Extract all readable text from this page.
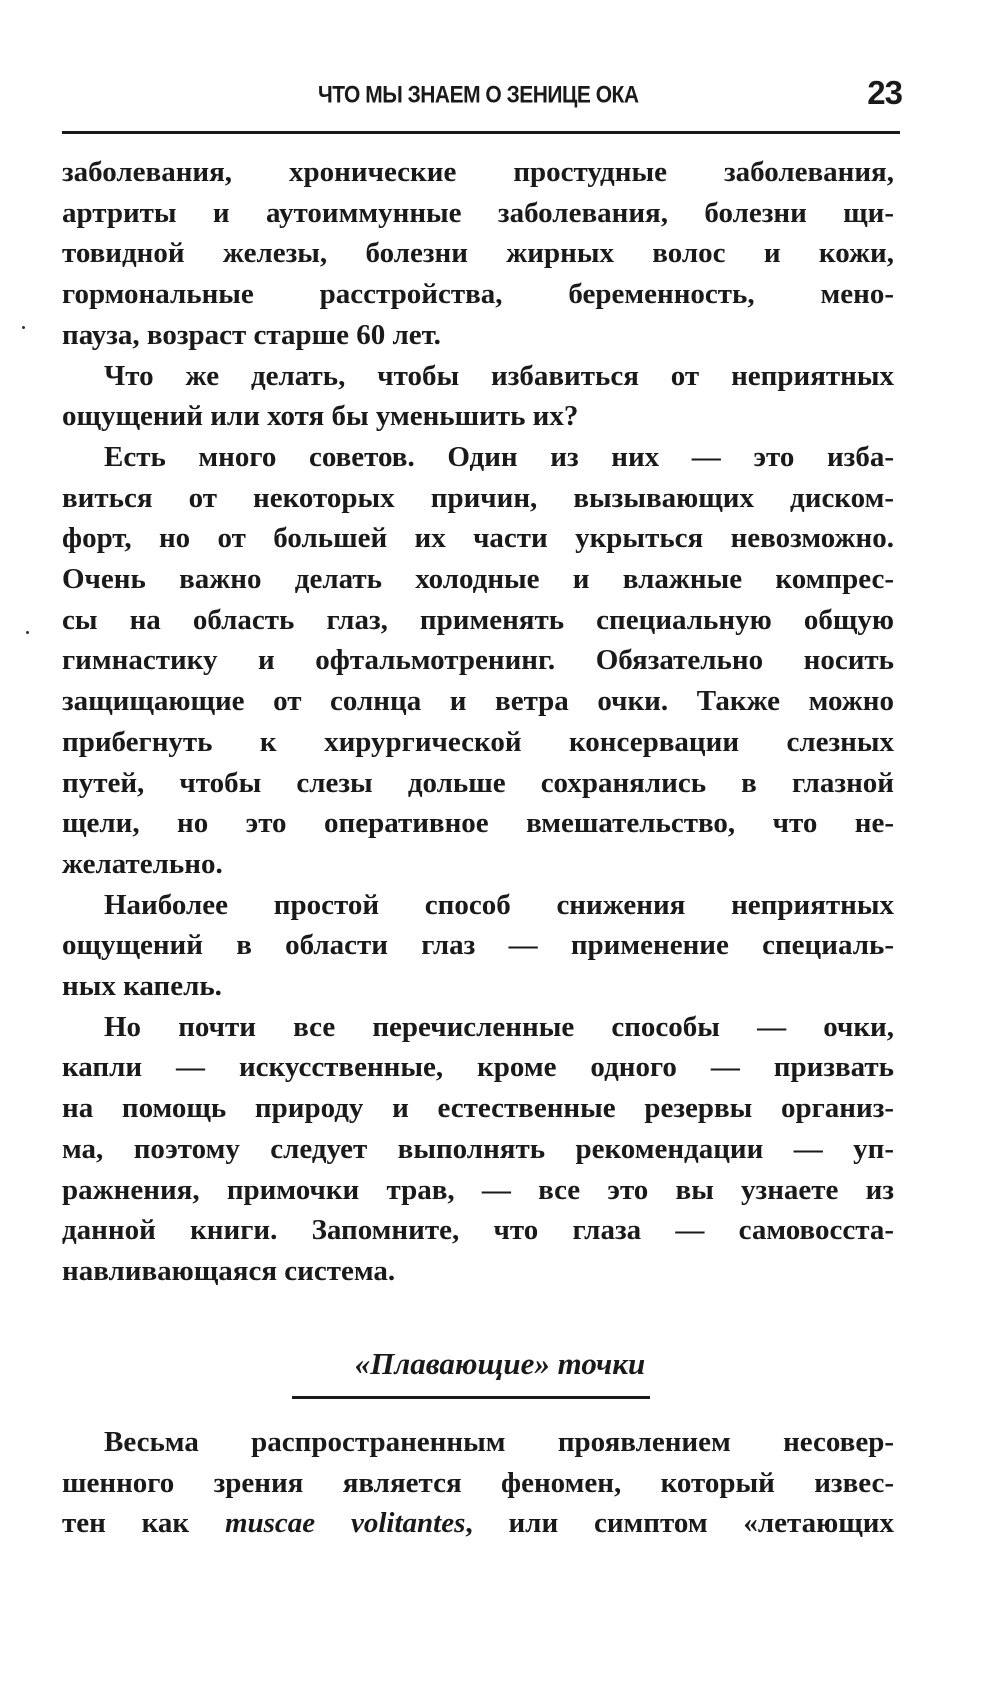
ЧТО МЫ ЗНАЕМ О ЗЕНИЦЕ ОКА	23
заболевания, хронические простудные заболевания,
артриты и аутоиммунные заболевания, болезни щи-
товидной железы, болезни жирных волос и кожи,
гормональные расстройства, беременность, мено-
пауза, возраст старше 60 лет.
Что же делать, чтобы избавиться от неприятных
ощущений или хотя бы уменьшить их?
Есть много советов. Один из них — это изба-
виться от некоторых причин, вызывающих диском-
форт, но от большей их части укрыться невозможно.
Очень важно делать холодные и влажные компрес-
сы на область глаз, применять специальную общую
гимнастику и офтальмотренинг. Обязательно носить
защищающие от солнца и ветра очки. Также можно
прибегнуть к хирургической консервации слезных
путей, чтобы слезы дольше сохранялись в глазной
щели, но это оперативное вмешательство, что не-
желательно.
Наиболее простой способ снижения неприятных
ощущений в области глаз — применение специаль-
ных капель.
Но почти все перечисленные способы — очки,
капли — искусственные, кроме одного — призвать
на помощь природу и естественные резервы организ-
ма, поэтому следует выполнять рекомендации — уп-
ражнения, примочки трав, — все это вы узнаете из
данной книги. Запомните, что глаза — самовосста-
навливающаяся система.
«Плавающие» точки
Весьма распространенным проявлением несовер-
шенного зрения является феномен, который извес-
тен как muscae volitantes, или симптом «летающих
